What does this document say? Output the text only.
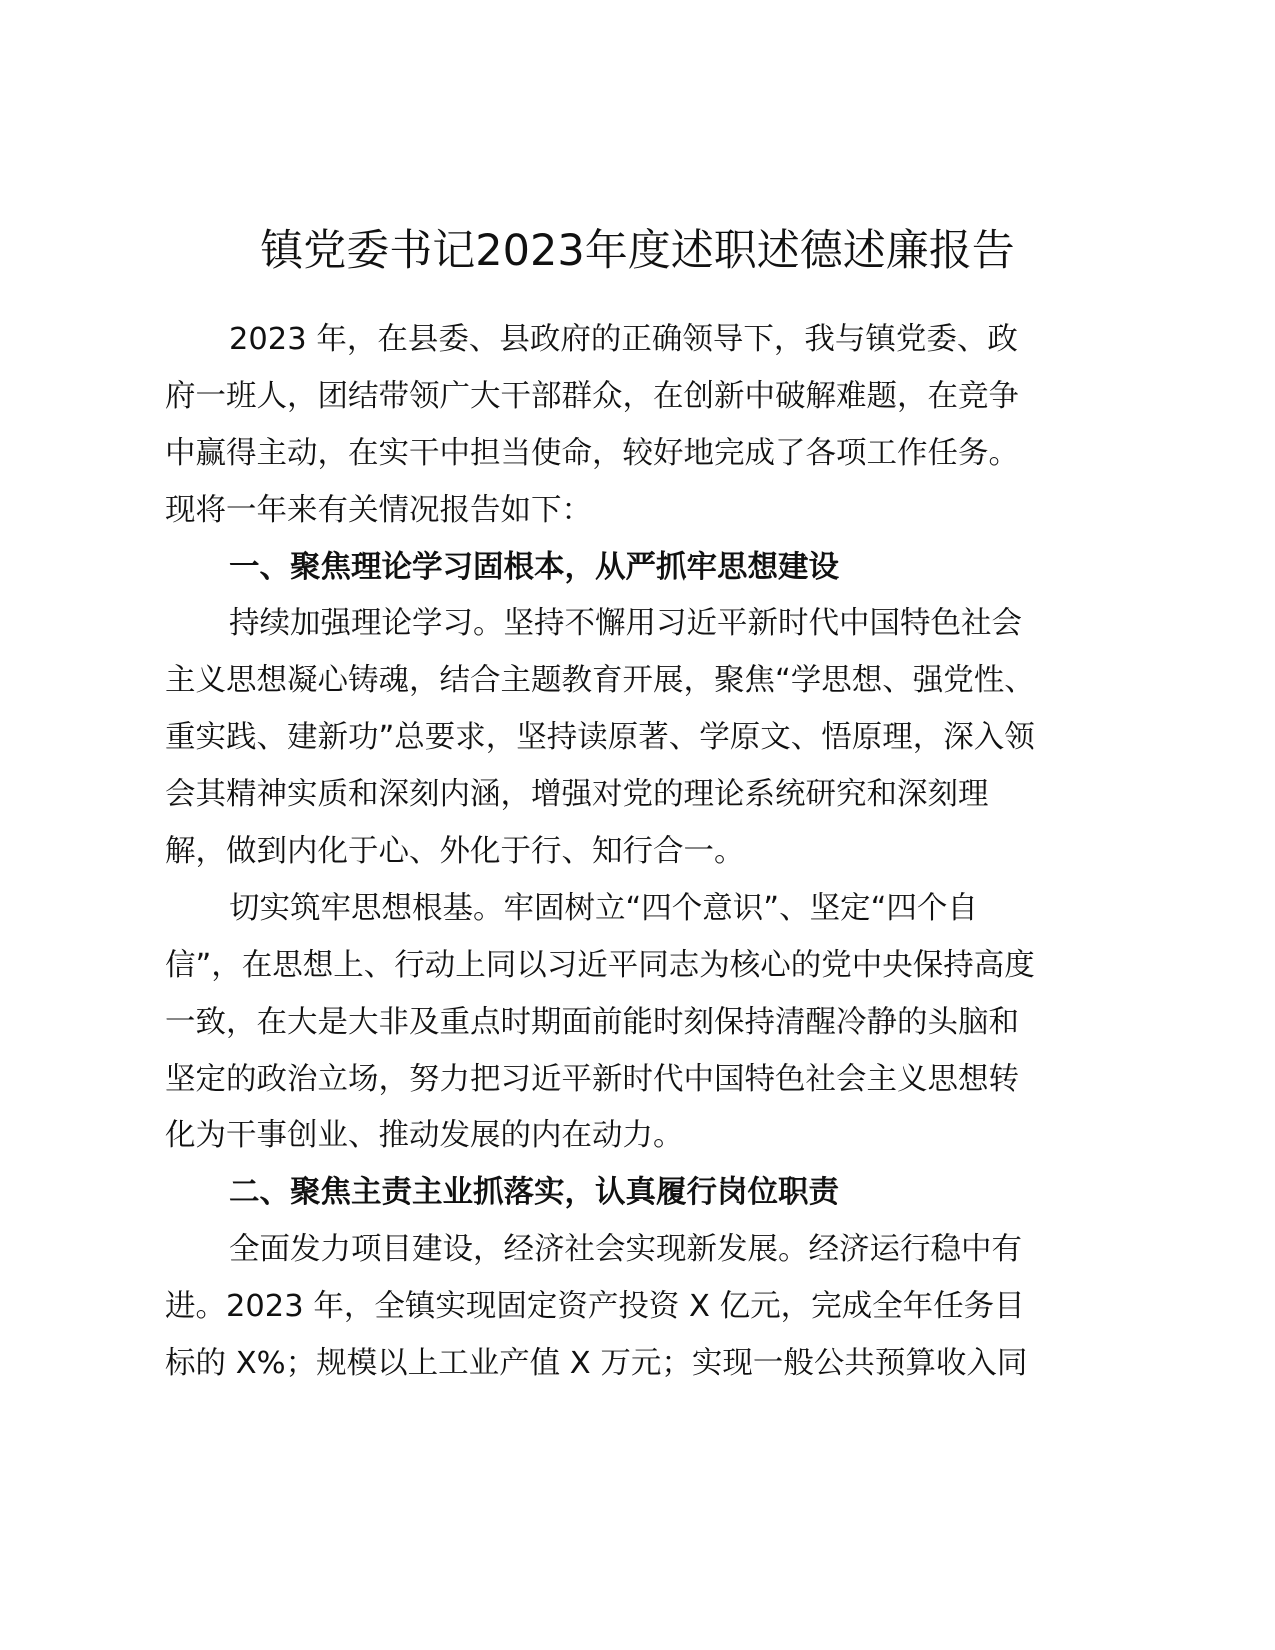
镇党委书记2023年度述职述德述廉报告
2023 年，在县委、县政府的正确领导下，我与镇党委、政
府一班人，团结带领广大干部群众，在创新中破解难题，在竞争
中赢得主动，在实干中担当使命，较好地完成了各项工作任务。
现将一年来有关情况报告如下：
一、聚焦理论学习固根本，从严抓牢思想建设
持续加强理论学习。坚持不懈用习近平新时代中国特色社会
主义思想凝心铸魂，结合主题教育开展，聚焦“学思想、强党性、
重实践、建新功”总要求，坚持读原著、学原文、悟原理，深入领
会其精神实质和深刻内涵，增强对党的理论系统研究和深刻理
解，做到内化于心、外化于行、知行合一。
切实筑牢思想根基。牢固树立“四个意识”、坚定“四个自
信”，在思想上、行动上同以习近平同志为核心的党中央保持高度
一致，在大是大非及重点时期面前能时刻保持清醒冷静的头脑和
坚定的政治立场，努力把习近平新时代中国特色社会主义思想转
化为干事创业、推动发展的内在动力。
二、聚焦主责主业抓落实，认真履行岗位职责
全面发力项目建设，经济社会实现新发展。经济运行稳中有
进。2023 年，全镇实现固定资产投资 X 亿元，完成全年任务目
标的 X%；规模以上工业产值 X 万元；实现一般公共预算收入同
